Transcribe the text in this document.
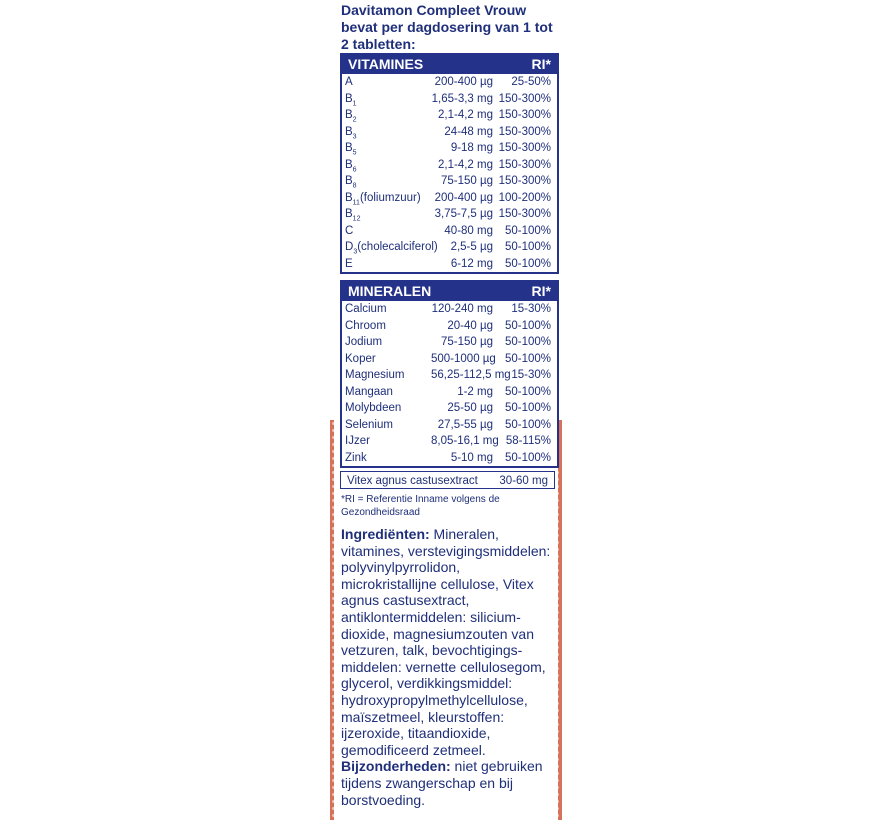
Davitamon Compleet Vrouw bevat per dagdosering van 1 tot 2 tabletten:
VITAMINES	RI*
A	200-400 µg	25-50%
$B_1$	1,65-3,3 mg 150-300%
$B_2$	2,1-4,2 mg 150-300%
$B_3$	24-48 mg 150-300%
$B_5$	9-18 mg 150-300%
$B_6$	2,1-4,2 mg 150-300%
$B_8$	75-150 µg 150-300%
$B_{11}(foliumzuur)$	200-400 µg 100-200%
$B_{12}$	3,75-7,5 µg 150-300%
C	40-80 mg	50-100%
$D_3(cholecalciferol)$	2,5-5 µg	50-100%
E	6-12 mg	50-100%
MINERALEN	RI*
Calcium	120-240 mg	15-30%
Chroom	20-40 µg	50-100%
Jodium	75-150 µg	50-100%
Koper	500-1000 µg 50-100%
Magnesium	56,25-112,5 mg 15-30%
Mangaan	1-2 mg	50-100%
Molybdeen	25-50 µg	50-100%
Selenium	27,5-55 µg	50-100%
IJzer	8,05-16,1 mg 58-115%
Zink	5-10 mg	50-100%
Vitex agnus castusextract 30-60 mg
*RI = Referentie Inname volgens de Gezondheidsraad
Ingrediënten: Mineralen, vitamines, verstevigingsmiddelen: polyvinylpyrrolidon, microkristallijne cellulose, Vitex agnus castusextract, antiklontermiddelen: silicium-dioxide, magnesiumzouten van vetzuren, talk, bevochtigings-middelen: vernette cellulosegom, glycerol, verdikkingsmiddel: hydroxypropylmethylcellulose, maïszetmeel, kleurstoffen: ijzeroxide, titaandioxide, gemodificeerd zetmeel.
Bijzonderheden: niet gebruiken tijdens zwangerschap en bij borstvoeding.
